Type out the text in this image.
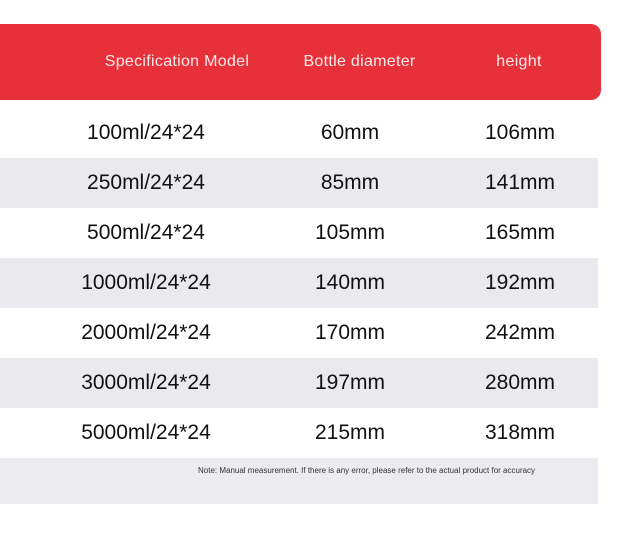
Specification Model	Bottle diameter	height
100ml/24*24	60mm	106mm
250ml/24*24	85mm	141mm
500ml/24*24	105mm	165mm
1000ml/24*24	140mm	192mm
2000ml/24*24	170mm	242mm
3000ml/24*24	197mm	280mm
5000ml/24*24	215mm	318mm
Note: Manual measurement. If there is any error, please refer to the actual product for accuracy
